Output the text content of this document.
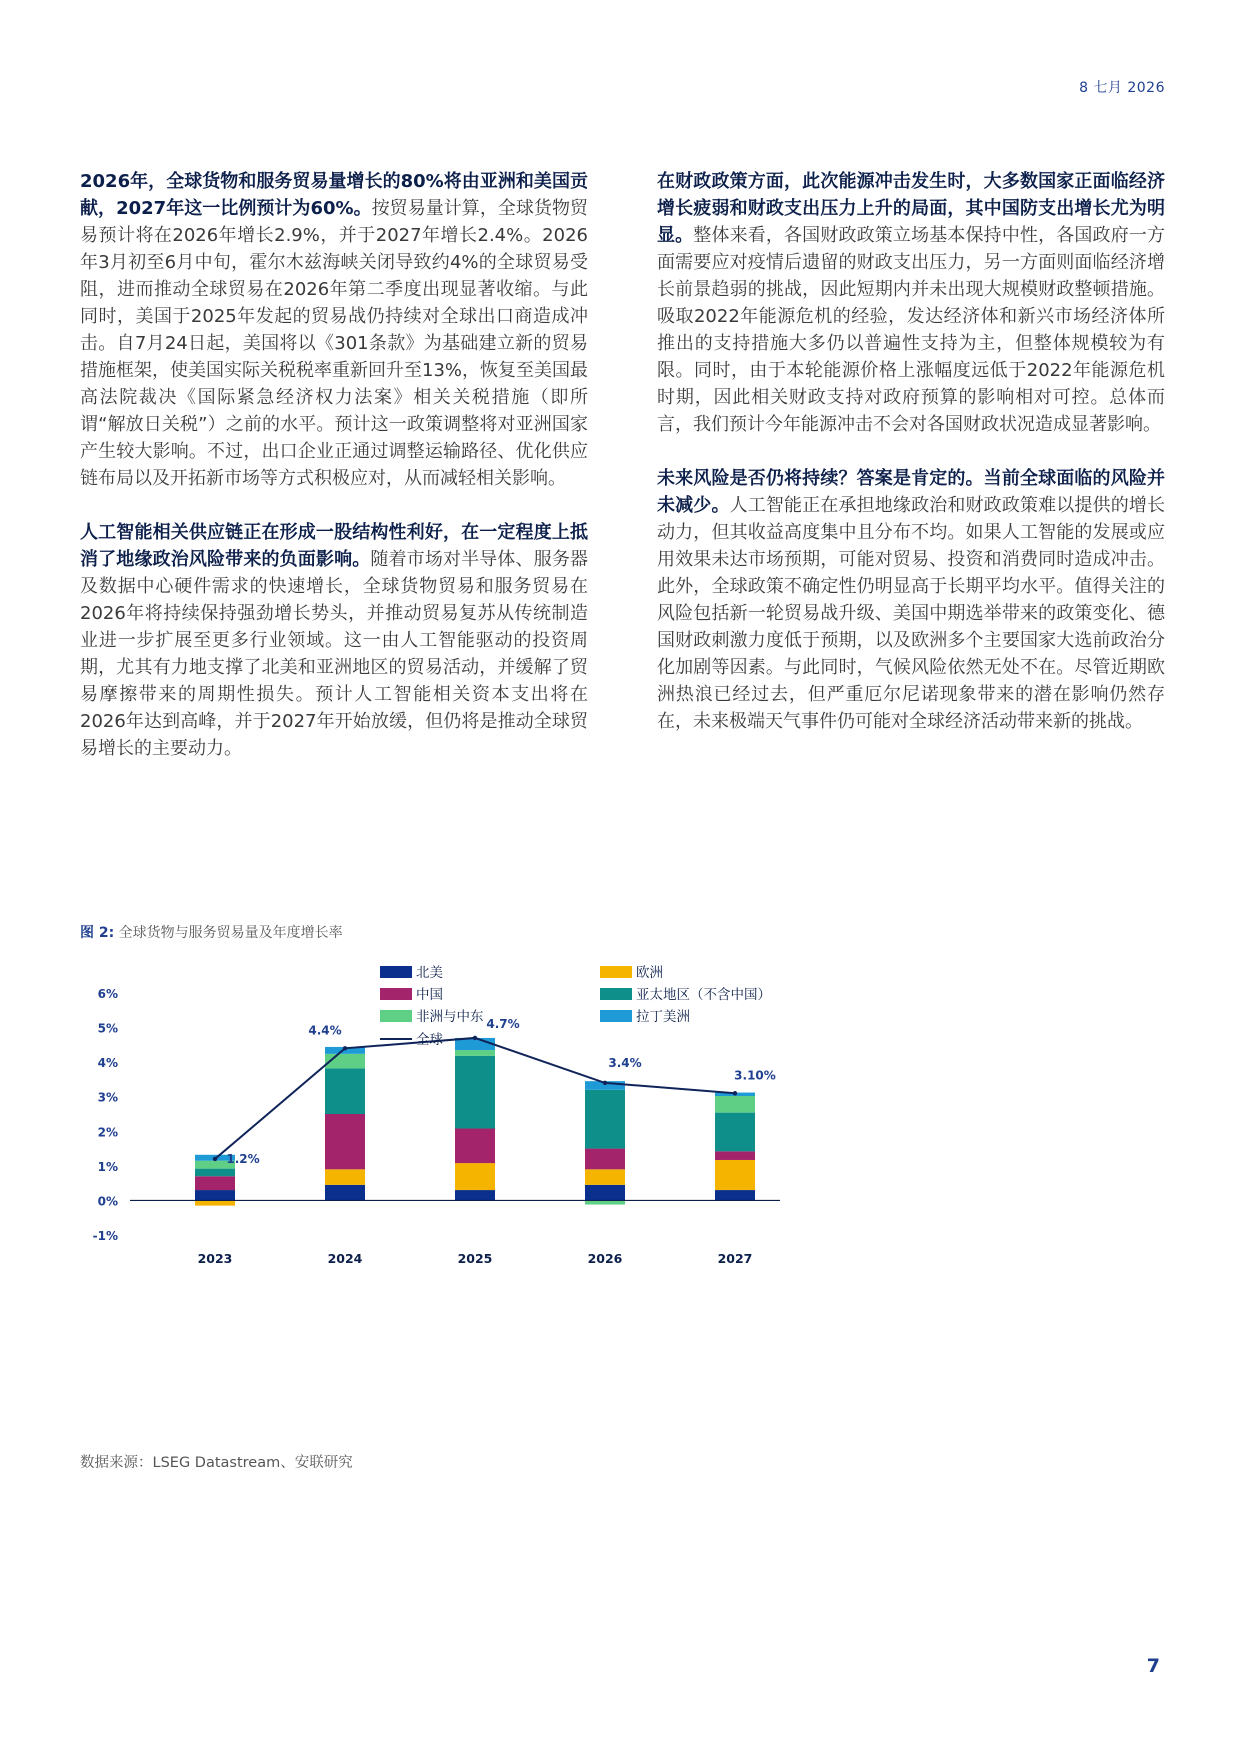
8 七月 2026

2026年，全球货物和服务贸易量增长的80%将由亚洲和美国贡献，2027年这一比例预计为60%。按贸易量计算，全球货物贸易预计将在2026年增长2.9%，并于2027年增长2.4%。2026年3月初至6月中旬，霍尔木兹海峡关闭导致约4%的全球贸易受阻，进而推动全球贸易在2026年第二季度出现显著收缩。与此同时，美国于2025年发起的贸易战仍持续对全球出口商造成冲击。自7月24日起，美国将以《301条款》为基础建立新的贸易措施框架，使美国实际关税税率重新回升至13%，恢复至美国最高法院裁决《国际紧急经济权力法案》相关关税措施（即所谓“解放日关税”）之前的水平。预计这一政策调整将对亚洲国家产生较大影响。不过，出口企业正通过调整运输路径、优化供应链布局以及开拓新市场等方式积极应对，从而减轻相关影响。

人工智能相关供应链正在形成一股结构性利好，在一定程度上抵消了地缘政治风险带来的负面影响。随着市场对半导体、服务器及数据中心硬件需求的快速增长，全球货物贸易和服务贸易在2026年将持续保持强劲增长势头，并推动贸易复苏从传统制造业进一步扩展至更多行业领域。这一由人工智能驱动的投资周期，尤其有力地支撑了北美和亚洲地区的贸易活动，并缓解了贸易摩擦带来的周期性损失。预计人工智能相关资本支出将在2026年达到高峰，并于2027年开始放缓，但仍将是推动全球贸易增长的主要动力。

在财政政策方面，此次能源冲击发生时，大多数国家正面临经济增长疲弱和财政支出压力上升的局面，其中国防支出增长尤为明显。整体来看，各国财政政策立场基本保持中性，各国政府一方面需要应对疫情后遗留的财政支出压力，另一方面则面临经济增长前景趋弱的挑战，因此短期内并未出现大规模财政整顿措施。吸取2022年能源危机的经验，发达经济体和新兴市场经济体所推出的支持措施大多仍以普遍性支持为主，但整体规模较为有限。同时，由于本轮能源价格上涨幅度远低于2022年能源危机时期，因此相关财政支持对政府预算的影响相对可控。总体而言，我们预计今年能源冲击不会对各国财政状况造成显著影响。

未来风险是否仍将持续？答案是肯定的。当前全球面临的风险并未减少。人工智能正在承担地缘政治和财政政策难以提供的增长动力，但其收益高度集中且分布不均。如果人工智能的发展或应用效果未达市场预期，可能对贸易、投资和消费同时造成冲击。此外，全球政策不确定性仍明显高于长期平均水平。值得关注的风险包括新一轮贸易战升级、美国中期选举带来的政策变化、德国财政刺激力度低于预期，以及欧洲多个主要国家大选前政治分化加剧等因素。与此同时，气候风险依然无处不在。尽管近期欧洲热浪已经过去，但严重厄尔尼诺现象带来的潜在影响仍然存在，未来极端天气事件仍可能对全球经济活动带来新的挑战。

图 2: 全球货物与服务贸易量及年度增长率
-1%
0%
1%
2%
3%
4%
5%
6%
2023	2024	2025	2026	2027
1.2%
4.4%	4.7%
3.4%
3.10%
北美	欧洲
中国	亚太地区（不含中国）
非洲与中东	拉丁美洲
全球
数据来源：LSEG Datastream、安联研究
7
